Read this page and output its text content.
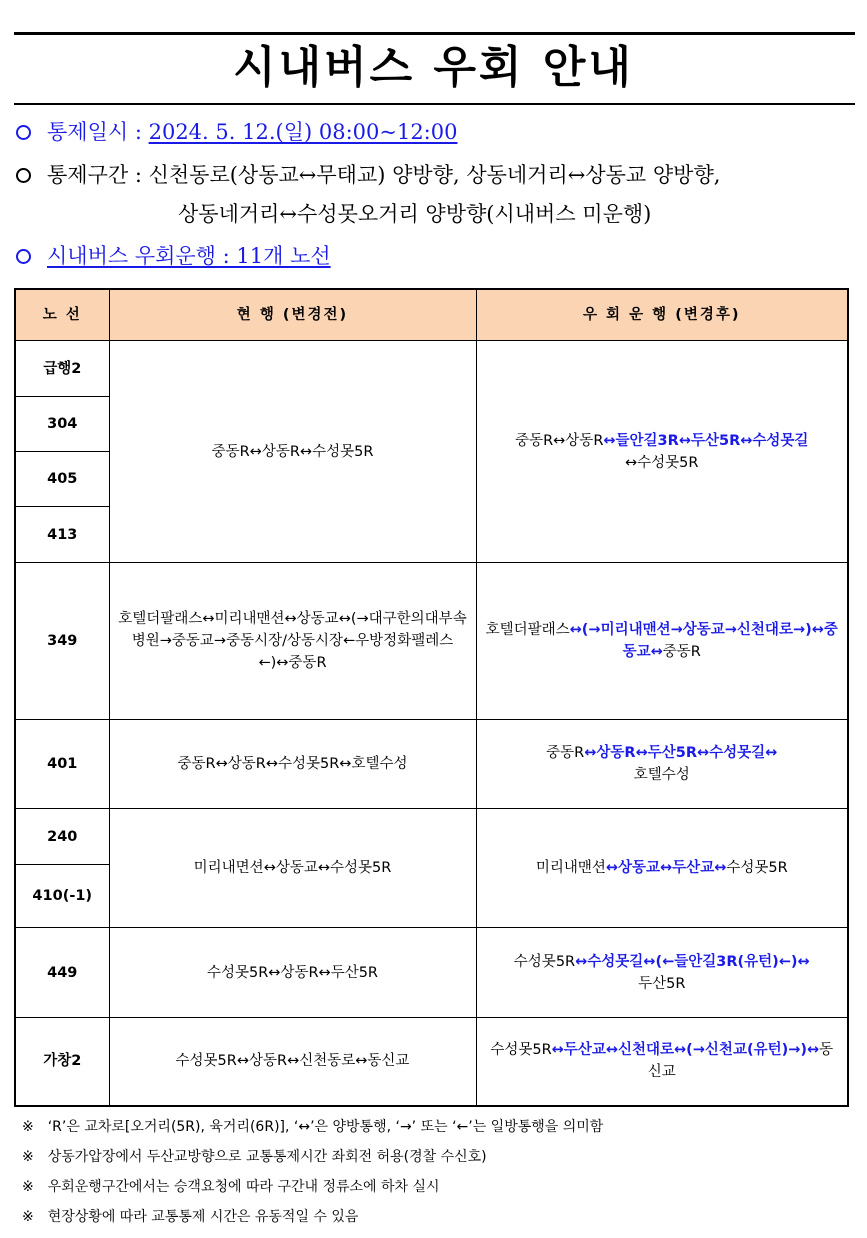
시내버스 우회 안내
통제일시 : 2024. 5. 12.(일) 08:00~12:00
통제구간 : 신천동로(상동교↔무태교) 양방향, 상동네거리↔상동교 양방향,
상동네거리↔수성못오거리 양방향(시내버스 미운행)
시내버스 우회운행 : 11개 노선
노 선	현 행 (변경전)	우 회 운 행 (변경후)
급행2	중동R↔상동R↔수성못5R	중동R↔상동R↔들안길3R↔두산5R↔수성못길
↔수성못5R
304		
405		
413		
349	호텔더팔래스↔미리내맨션↔상동교↔(→대구한의대부속병원→중동교→중동시장/상동시장←우방정화팰레스←)↔중동R	호텔더팔래스↔(→미리내맨션→상동교→신천대로→)↔중동교↔중동R
401	중동R↔상동R↔수성못5R↔호텔수성	중동R↔상동R↔두산5R↔수성못길↔
호텔수성
240	미리내면션↔상동교↔수성못5R	미리내맨션↔상동교↔두산교↔수성못5R
410(-1)		
449	수성못5R↔상동R↔두산5R	수성못5R↔수성못길↔(←들안길3R(유턴)←)↔
두산5R
가창2	수성못5R↔상동R↔신천동로↔동신교	수성못5R↔두산교↔신천대로↔(→신천교(유턴)→)↔동신교
※ ‘R’은 교차로[오거리(5R), 육거리(6R)], ‘↔’은 양방통행, ‘→’ 또는 ‘←’는 일방통행을 의미함
※ 상동가압장에서 두산교방향으로 교통통제시간 좌회전 허용(경찰 수신호)
※ 우회운행구간에서는 승객요청에 따라 구간내 정류소에 하차 실시
※ 현장상황에 따라 교통통제 시간은 유동적일 수 있음
